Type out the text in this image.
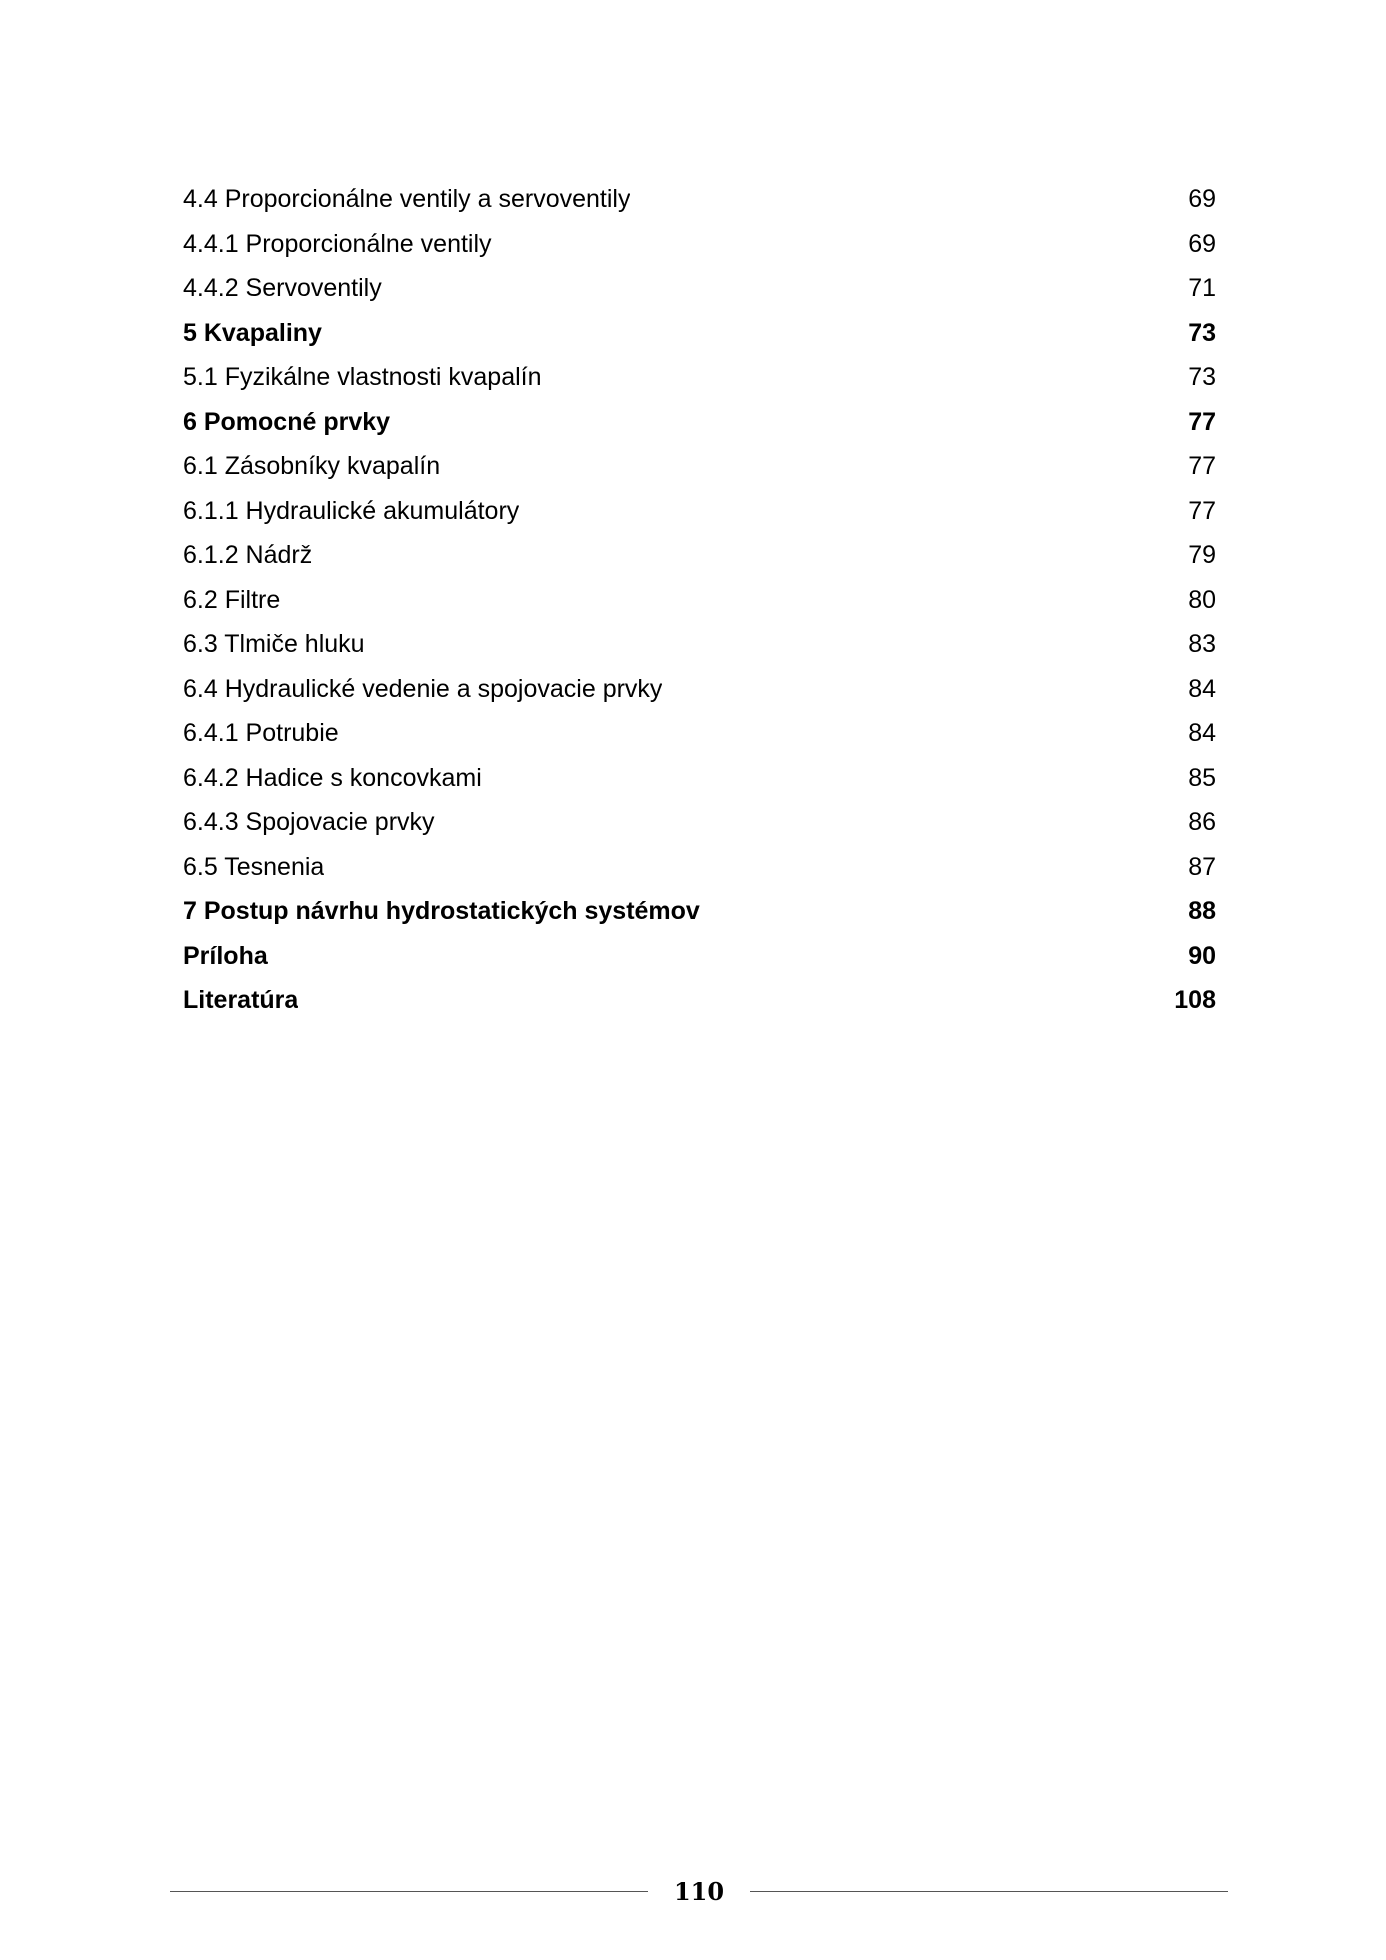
4.4 Proporcionálne ventily a servoventily	69
4.4.1 Proporcionálne ventily	69
4.4.2 Servoventily	71
5 Kvapaliny	73
5.1 Fyzikálne vlastnosti kvapalín	73
6 Pomocné prvky	77
6.1 Zásobníky kvapalín	77
6.1.1 Hydraulické akumulátory	77
6.1.2 Nádrž	79
6.2 Filtre	80
6.3 Tlmiče hluku	83
6.4 Hydraulické vedenie a spojovacie prvky	84
6.4.1 Potrubie	84
6.4.2 Hadice s koncovkami	85
6.4.3 Spojovacie prvky	86
6.5 Tesnenia	87
7 Postup návrhu hydrostatických systémov	88
Príloha	90
Literatúra	108
110
